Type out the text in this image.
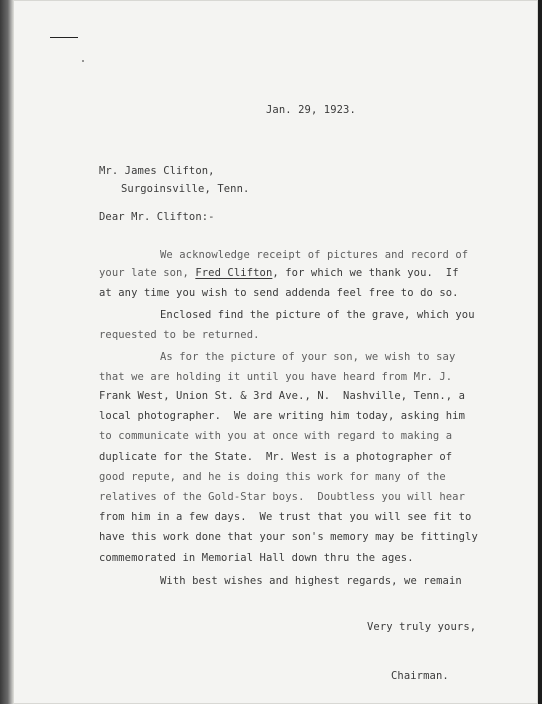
Jan. 29, 1923.
Mr. James Clifton,
Surgoinsville, Tenn.
Dear Mr. Clifton:-
We acknowledge receipt of pictures and record of
your late son, Fred Clifton, for which we thank you.  If
at any time you wish to send addenda feel free to do so.
Enclosed find the picture of the grave, which you
requested to be returned.
As for the picture of your son, we wish to say
that we are holding it until you have heard from Mr. J.
Frank West, Union St. & 3rd Ave., N.  Nashville, Tenn., a
local photographer.  We are writing him today, asking him
to communicate with you at once with regard to making a
duplicate for the State.  Mr. West is a photographer of
good repute, and he is doing this work for many of the
relatives of the Gold-Star boys.  Doubtless you will hear
from him in a few days.  We trust that you will see fit to
have this work done that your son's memory may be fittingly
commemorated in Memorial Hall down thru the ages.
With best wishes and highest regards, we remain
Very truly yours,
Chairman.
